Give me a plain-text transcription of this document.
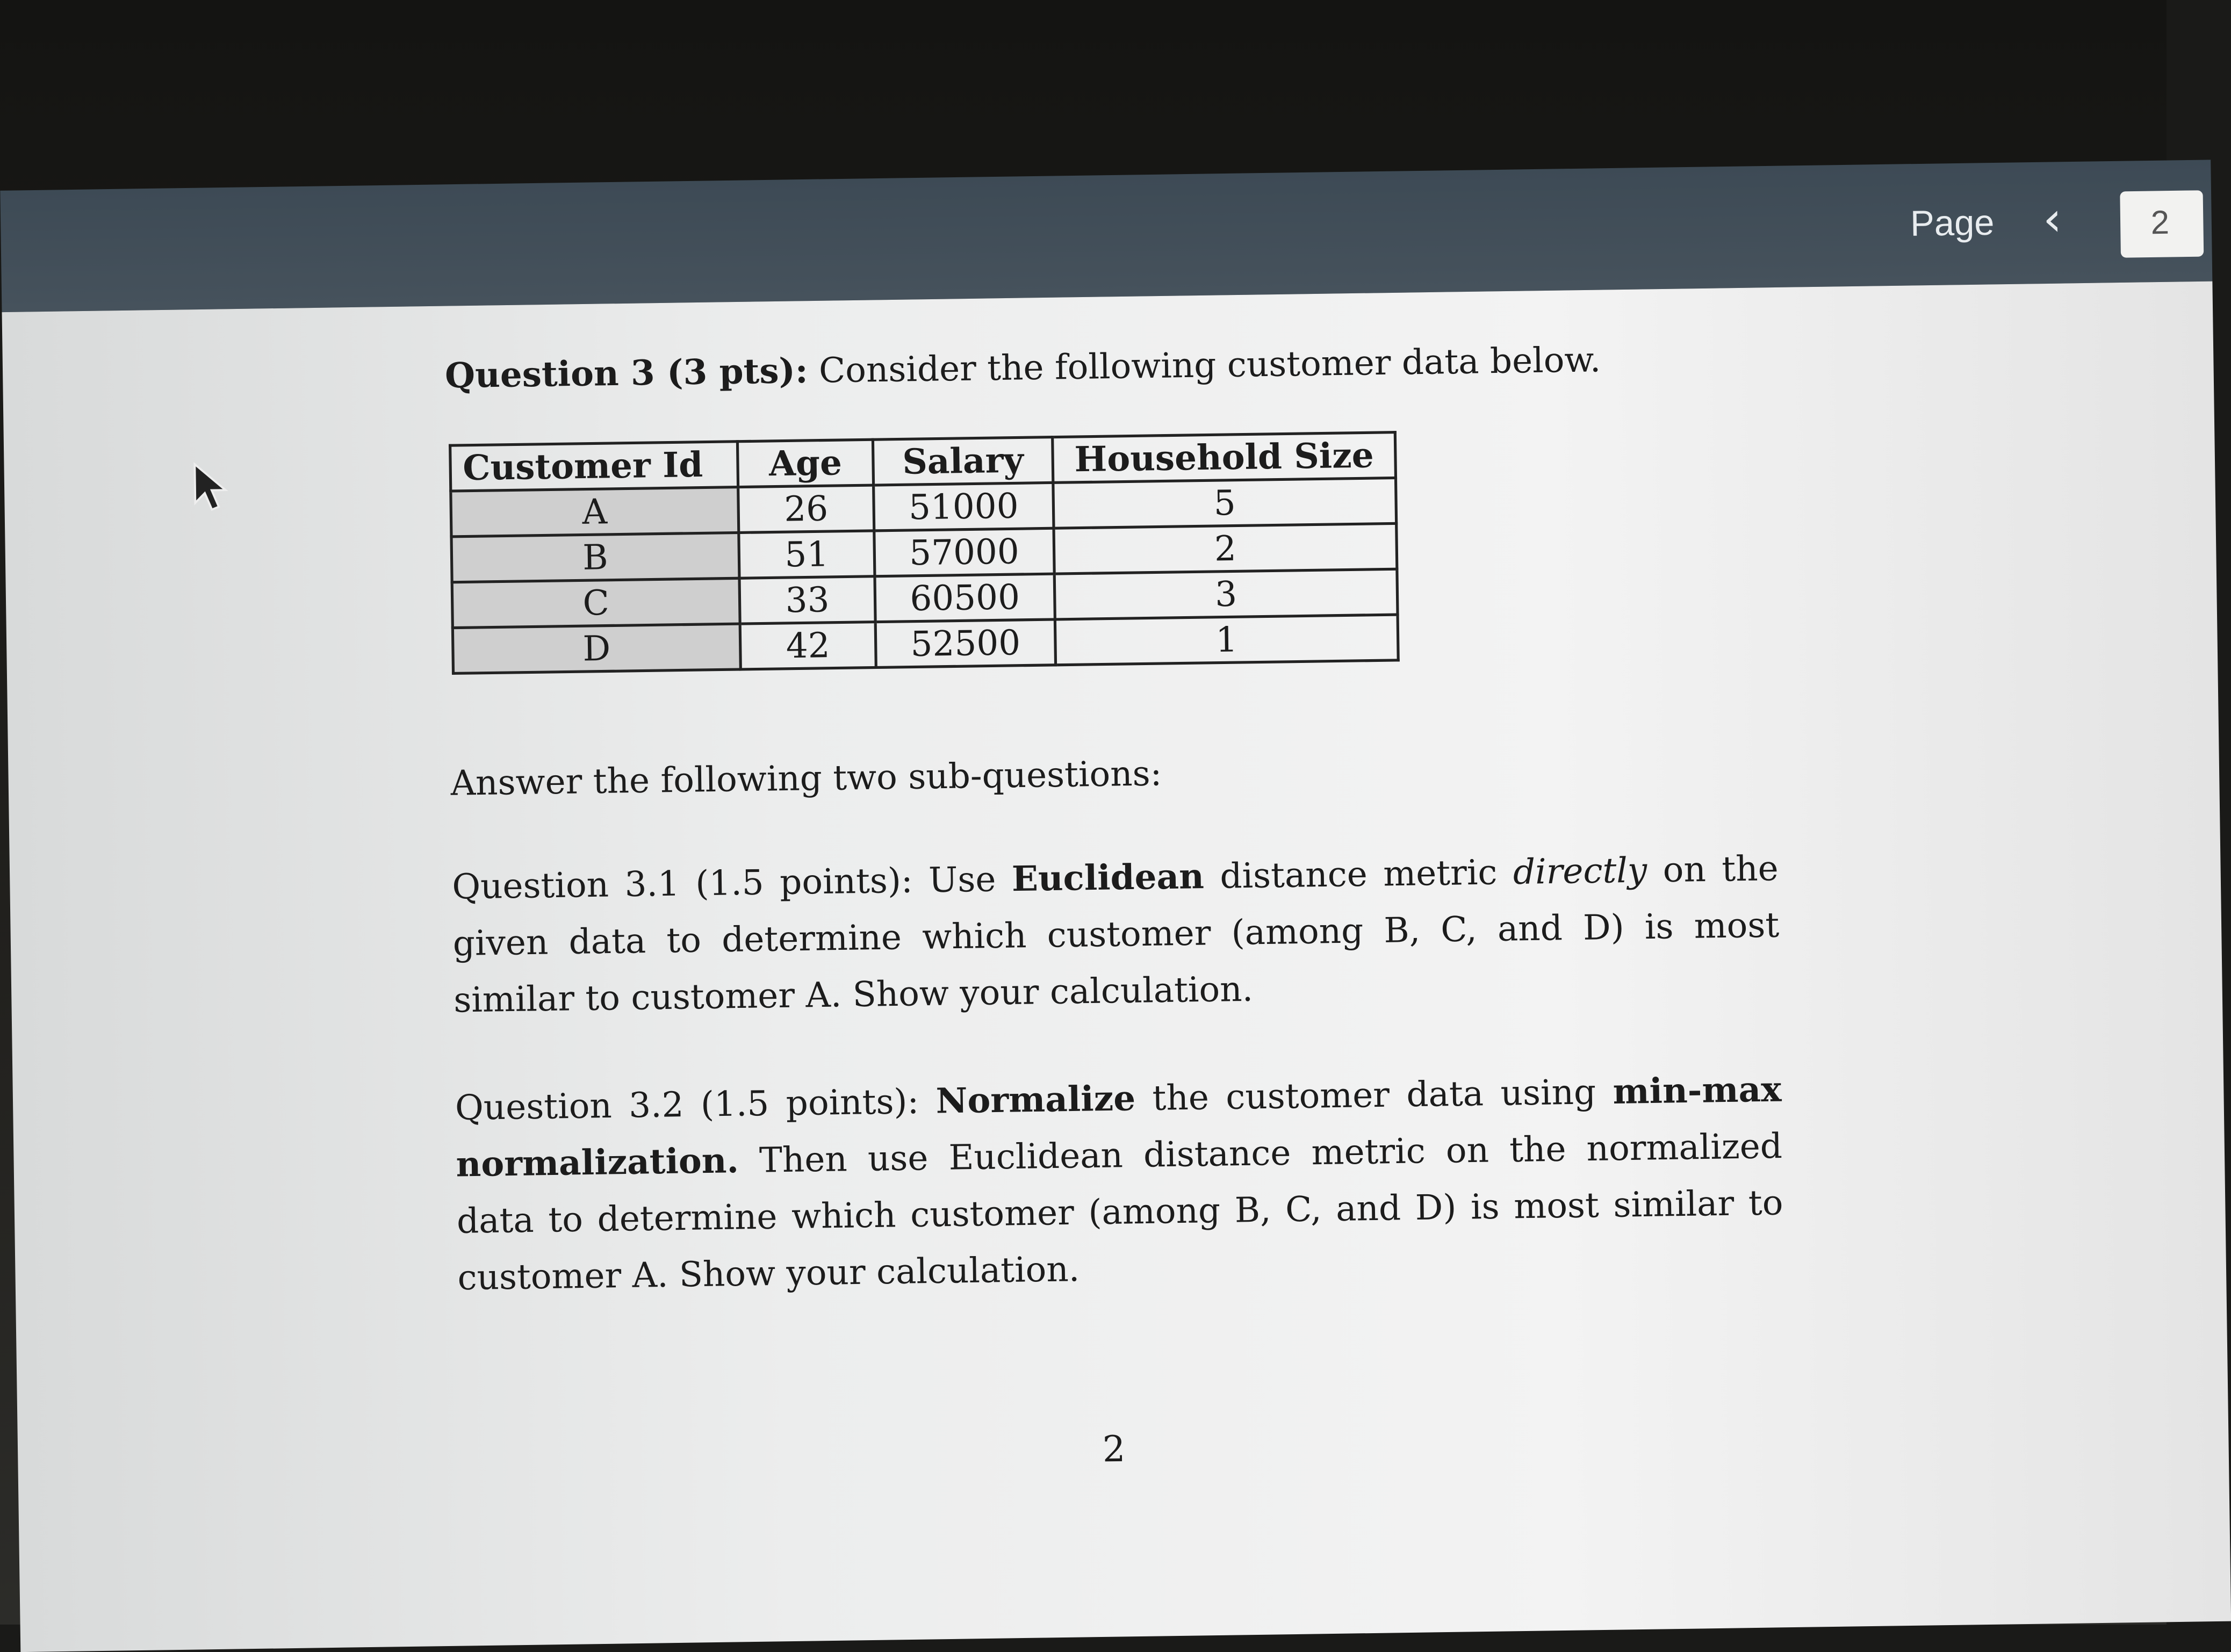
Page	‹	2
Question 3 (3 pts): Consider the following customer data below.
Customer Id	Age	Salary	Household Size
A	26	51000	5
B	51	57000	2
C	33	60500	3
D	42	52500	1
Answer the following two sub-questions:
Question 3.1 (1.5 points): Use Euclidean distance metric directly on the given data to determine which customer (among B, C, and D) is most similar to customer A. Show your calculation.
Question 3.2 (1.5 points): Normalize the customer data using min-max normalization. Then use Euclidean distance metric on the normalized data to determine which customer (among B, C, and D) is most similar to customer A. Show your calculation.
2
